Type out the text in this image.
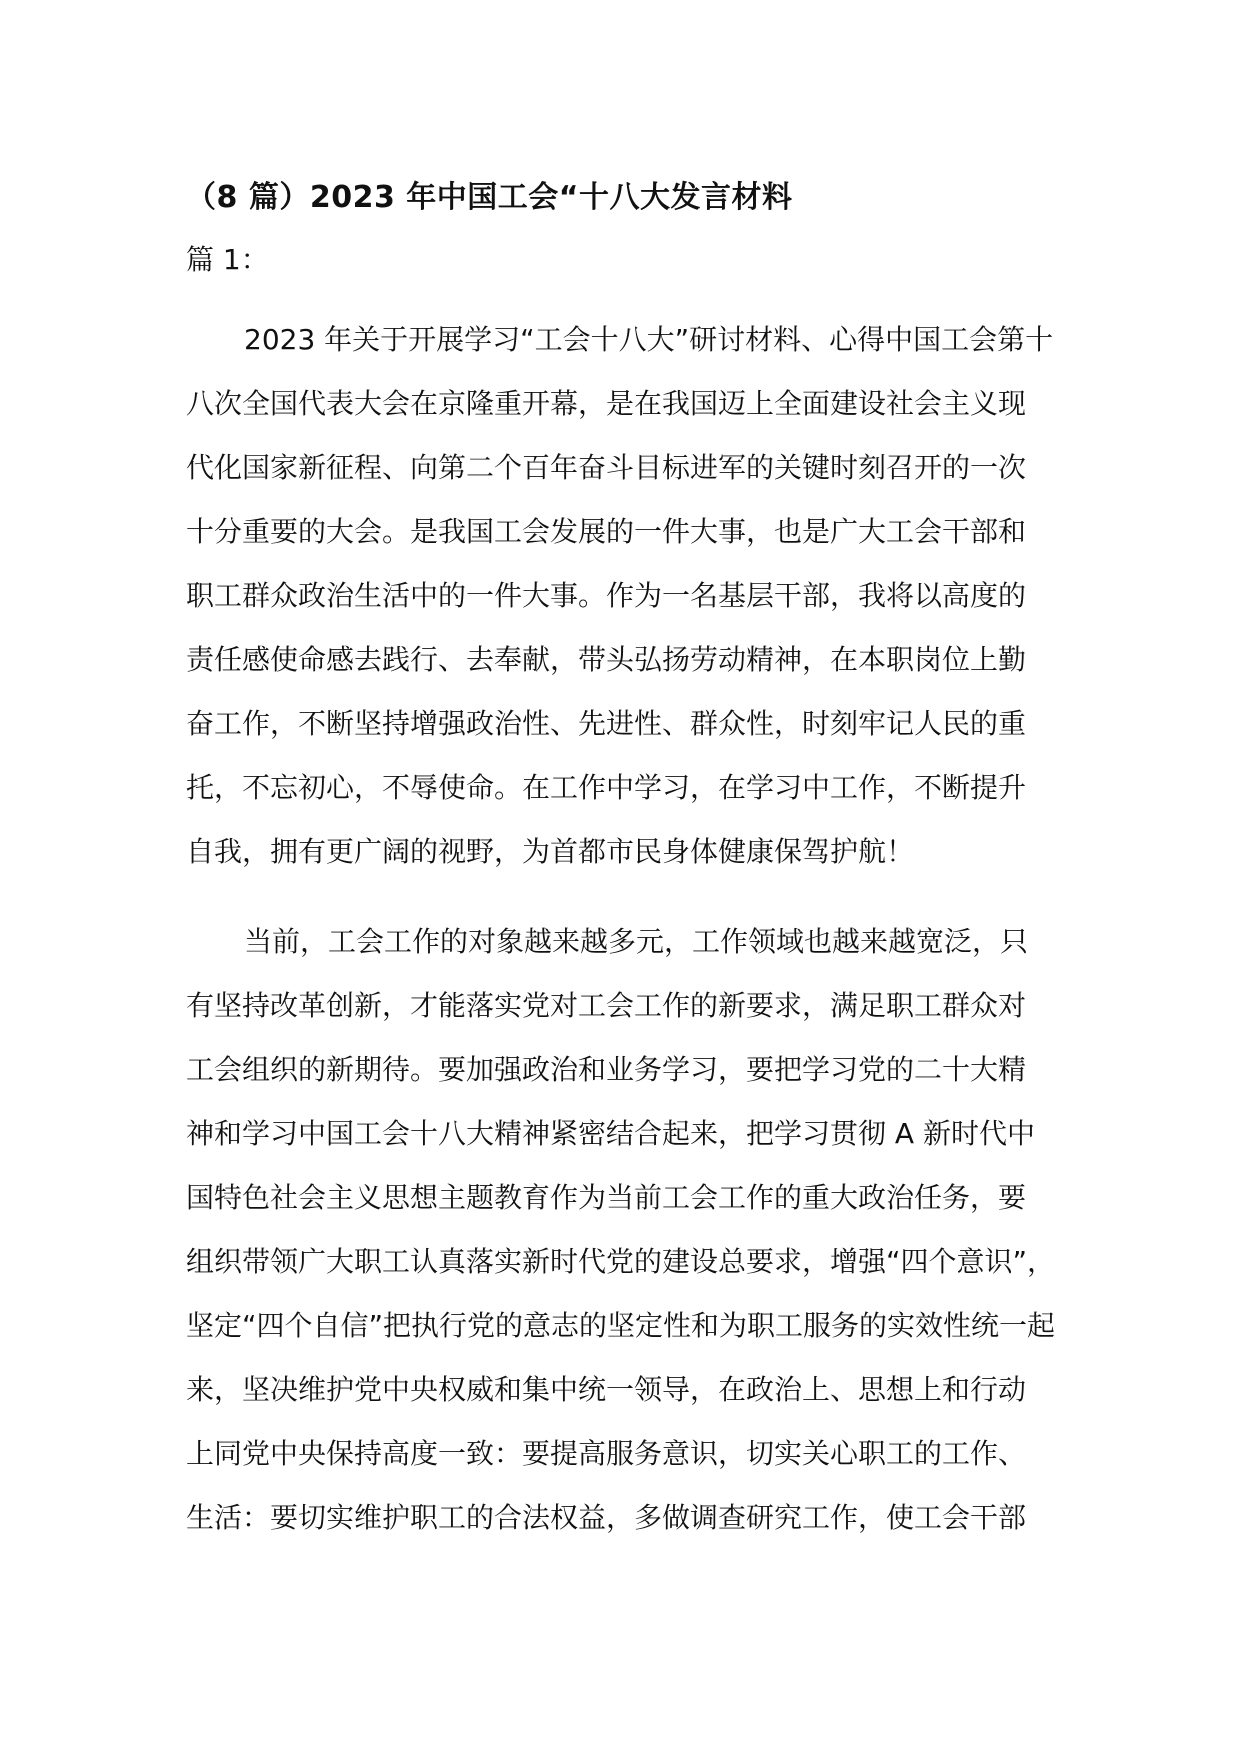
（8 篇）2023 年中国工会“十八大发言材料
篇 1：

2023 年关于开展学习“工会十八大”研讨材料、心得中国工会第十

八次全国代表大会在京隆重开幕，是在我国迈上全面建设社会主义现

代化国家新征程、向第二个百年奋斗目标进军的关键时刻召开的一次

十分重要的大会。是我国工会发展的一件大事，也是广大工会干部和

职工群众政治生活中的一件大事。作为一名基层干部，我将以高度的

责任感使命感去践行、去奉献，带头弘扬劳动精神，在本职岗位上勤

奋工作，不断坚持增强政治性、先进性、群众性，时刻牢记人民的重

托，不忘初心，不辱使命。在工作中学习，在学习中工作，不断提升

自我，拥有更广阔的视野，为首都市民身体健康保驾护航！

当前，工会工作的对象越来越多元，工作领域也越来越宽泛，只

有坚持改革创新，才能落实党对工会工作的新要求，满足职工群众对

工会组织的新期待。要加强政治和业务学习，要把学习党的二十大精

神和学习中国工会十八大精神紧密结合起来，把学习贯彻 A 新时代中

国特色社会主义思想主题教育作为当前工会工作的重大政治任务，要

组织带领广大职工认真落实新时代党的建设总要求，增强“四个意识”，

坚定“四个自信”把执行党的意志的坚定性和为职工服务的实效性统一起

来，坚决维护党中央权威和集中统一领导，在政治上、思想上和行动

上同党中央保持高度一致：要提高服务意识，切实关心职工的工作、

生活：要切实维护职工的合法权益，多做调查研究工作，使工会干部
